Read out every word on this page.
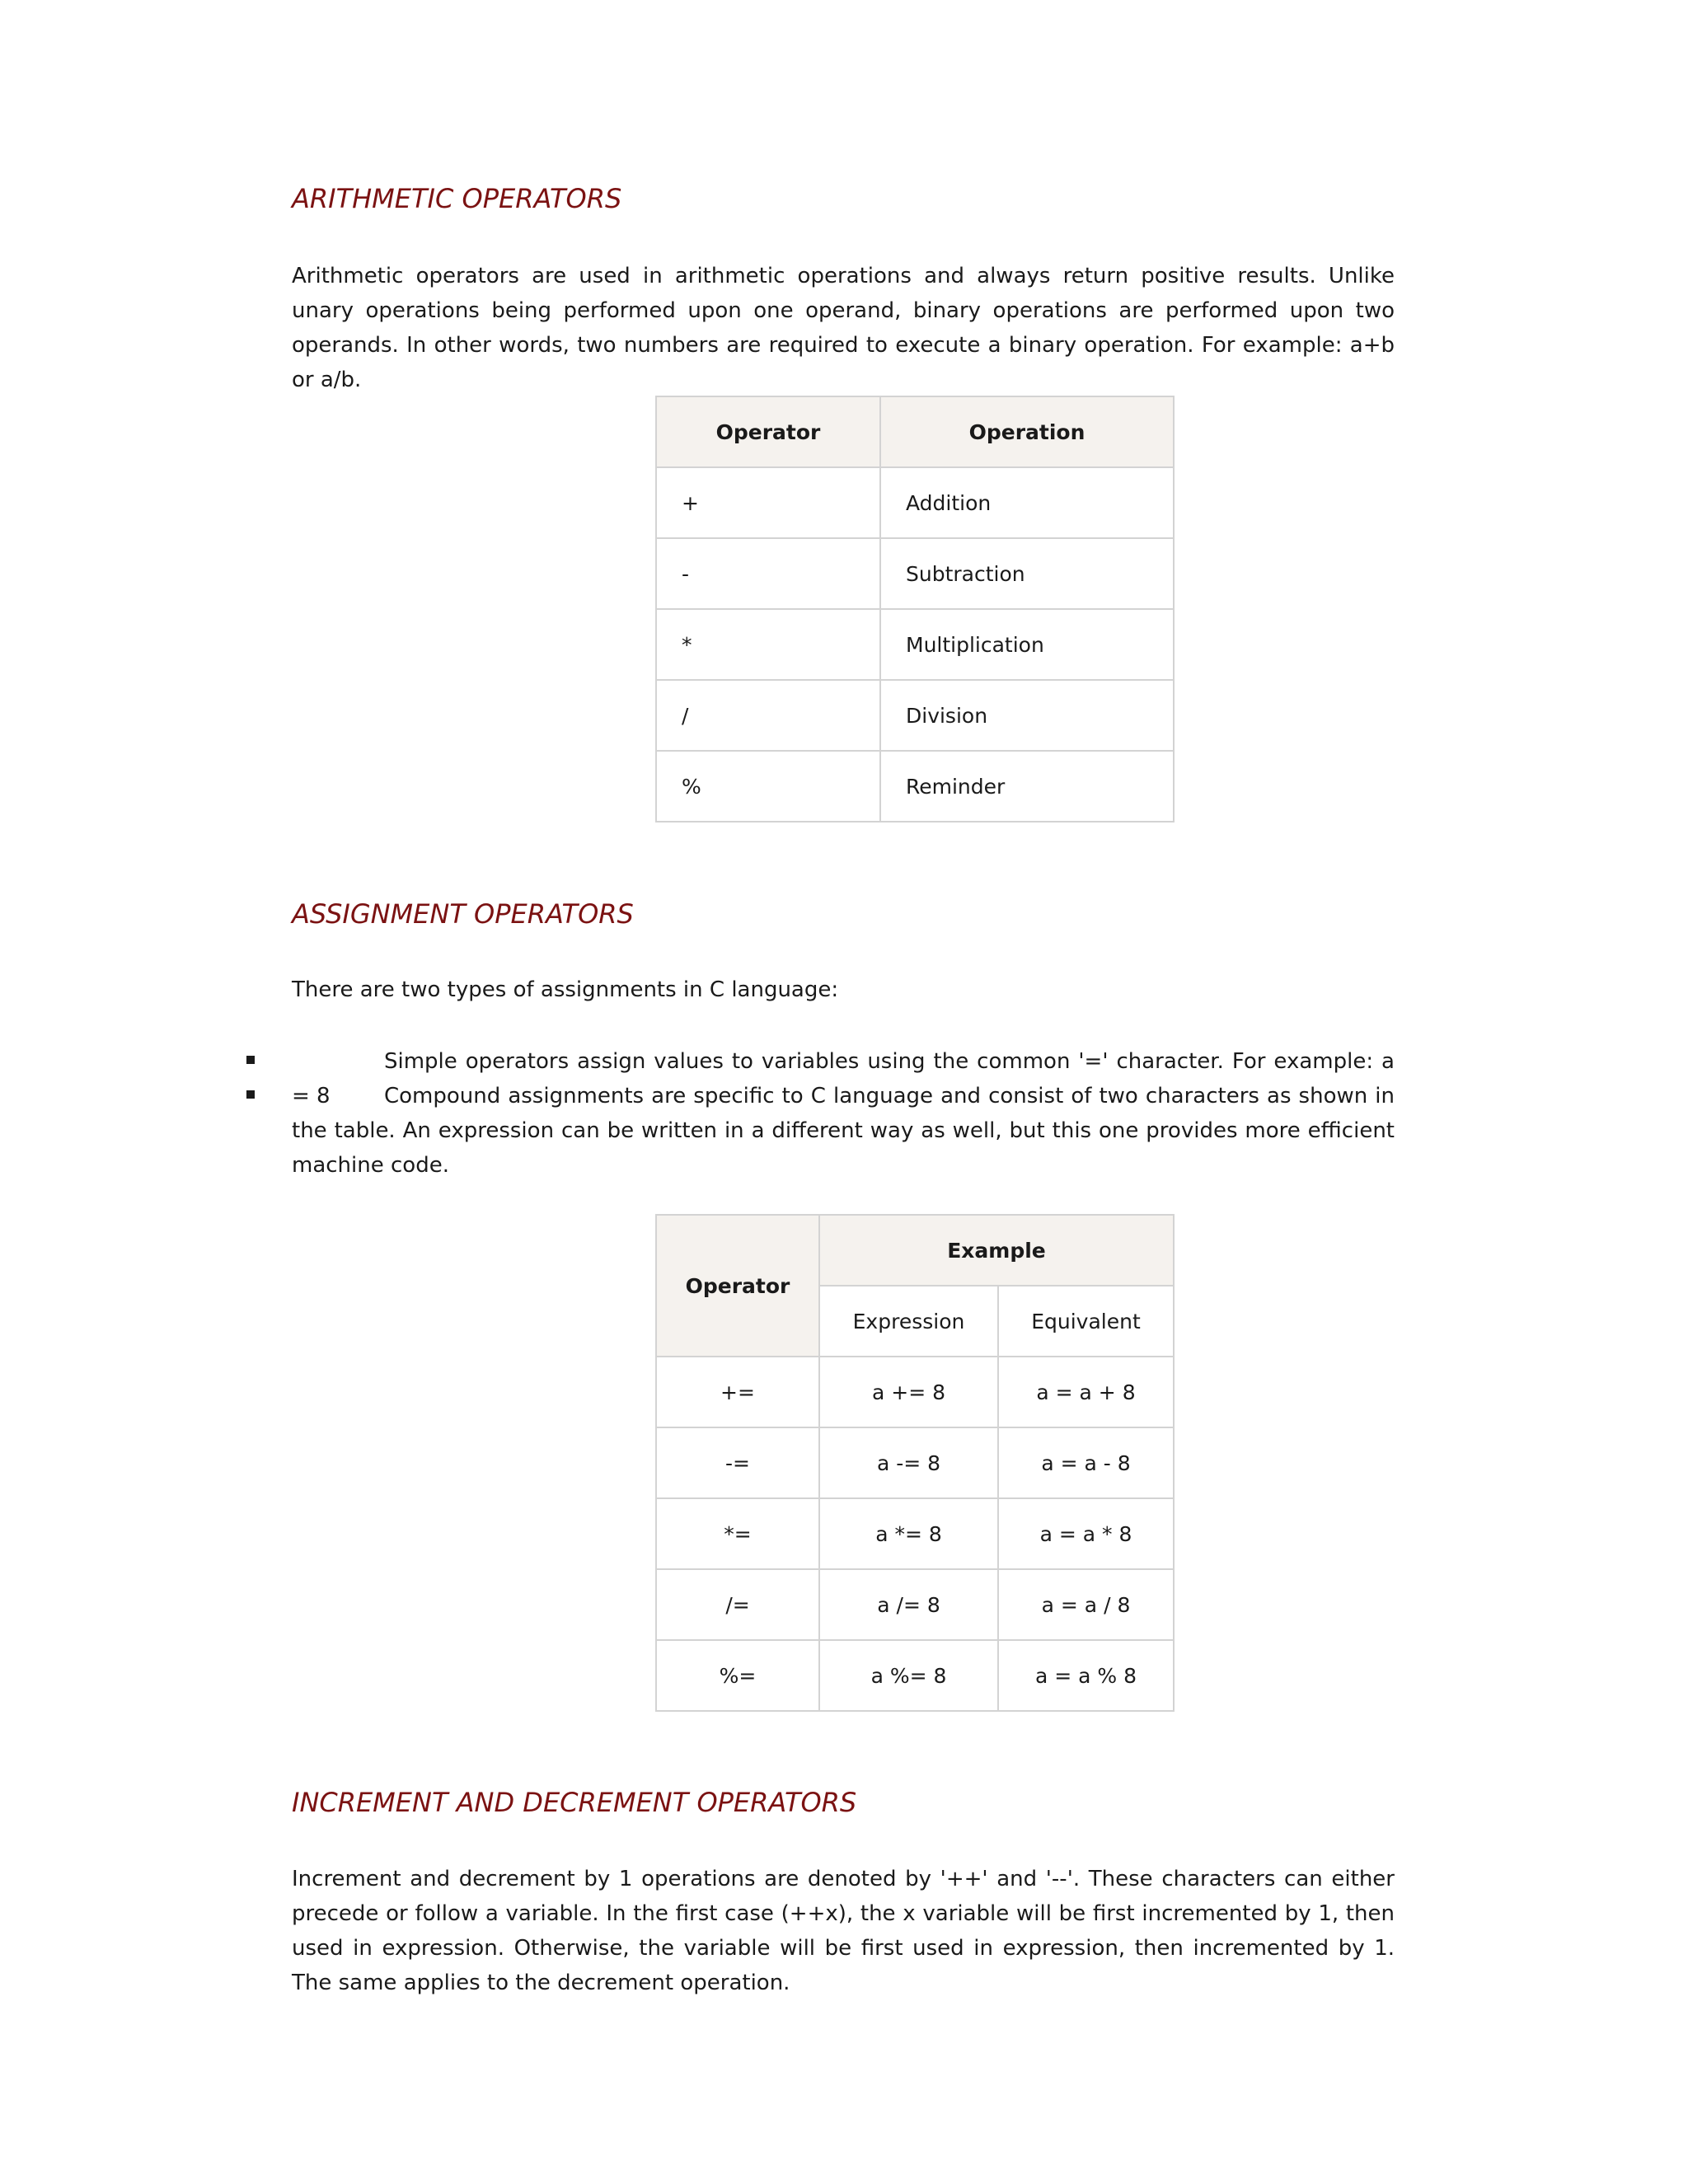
ARITHMETIC OPERATORS

Arithmetic operators are used in arithmetic operations and always return positive results. Unlike unary operations being performed upon one operand, binary operations are performed upon two operands. In other words, two numbers are required to execute a binary operation. For example: a+b or a/b.

Operator	Operation
+	Addition
-	Subtraction
*	Multiplication
/	Division
%	Reminder
ASSIGNMENT OPERATORS

There are two types of assignments in C language:

Simple operators assign values to variables using the common '=' character. For example: a = 8	Compound assignments are specific to C language and consist of two characters as shown in the table. An expression can be written in a different way as well, but this one provides more efficient machine code.

Operator	Example	
	Expression	Equivalent
+=	a += 8	a = a + 8
-=	a -= 8	a = a - 8
*=	a *= 8	a = a * 8
/=	a /= 8	a = a / 8
%=	a %= 8	a = a % 8
INCREMENT AND DECREMENT OPERATORS

Increment and decrement by 1 operations are denoted by '++' and '--'. These characters can either precede or follow a variable. In the first case (++x), the x variable will be first incremented by 1, then used in expression. Otherwise, the variable will be first used in expression, then incremented by 1. The same applies to the decrement operation.
